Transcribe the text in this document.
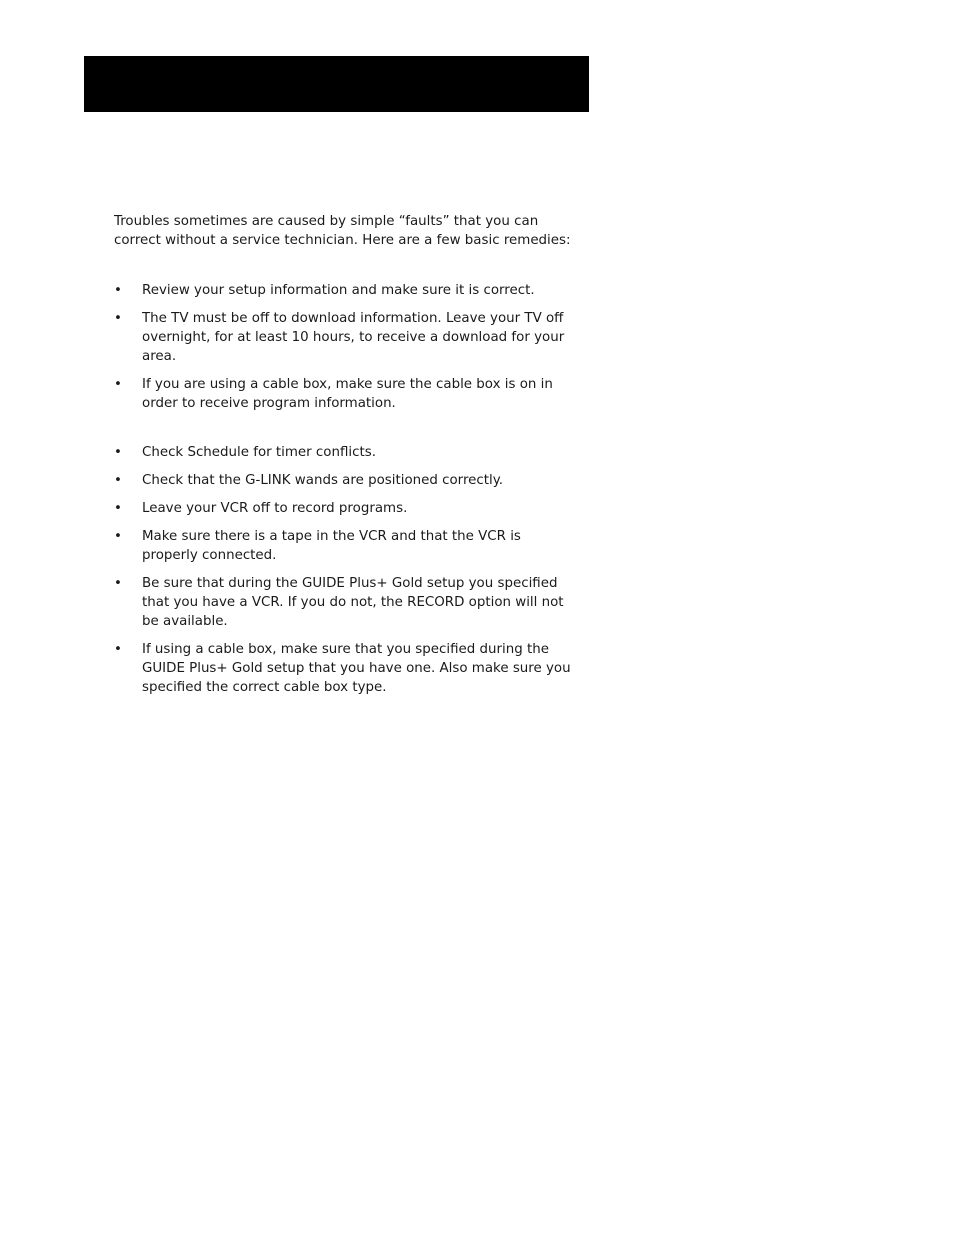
Troubles sometimes are caused by simple “faults” that you can correct without a service technician. Here are a few basic remedies:

• Review your setup information and make sure it is correct.
• The TV must be off to download information. Leave your TV off overnight, for at least 10 hours, to receive a download for your area.
• If you are using a cable box, make sure the cable box is on in order to receive program information.
• Check Schedule for timer conflicts.
• Check that the G-LINK wands are positioned correctly.
• Leave your VCR off to record programs.
• Make sure there is a tape in the VCR and that the VCR is properly connected.
• Be sure that during the GUIDE Plus+ Gold setup you specified that you have a VCR. If you do not, the RECORD option will not be available.
• If using a cable box, make sure that you specified during the GUIDE Plus+ Gold setup that you have one. Also make sure you specified the correct cable box type.
